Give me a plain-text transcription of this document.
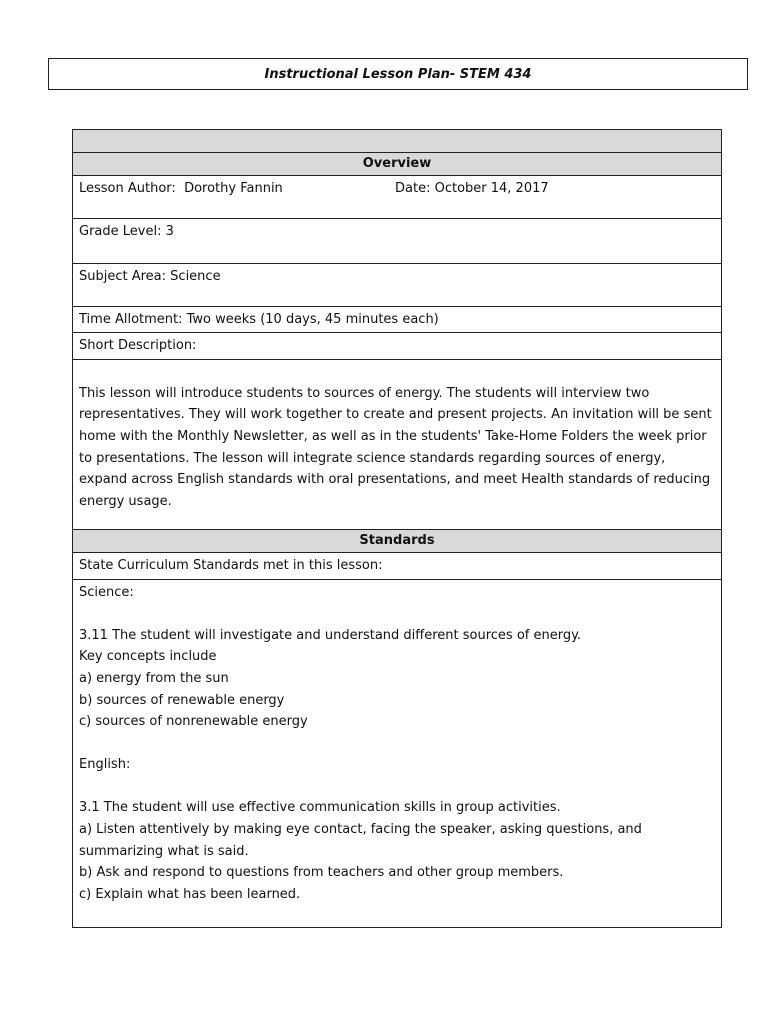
Instructional Lesson Plan- STEM 434

Overview

Lesson Author: Dorothy Fannin	Date: October 14, 2017

Grade Level: 3
Subject Area: Science
Time Allotment: Two weeks (10 days, 45 minutes each)
Short Description:

This lesson will introduce students to sources of energy. The students will interview two representatives. They will work together to create and present projects. An invitation will be sent home with the Monthly Newsletter, as well as in the students' Take-Home Folders the week prior to presentations. The lesson will integrate science standards regarding sources of energy, expand across English standards with oral presentations, and meet Health standards of reducing energy usage.

Standards
State Curriculum Standards met in this lesson:

Science:
3.11 The student will investigate and understand different sources of energy.
Key concepts include
a) energy from the sun
b) sources of renewable energy
c) sources of nonrenewable energy
English:
3.1 The student will use effective communication skills in group activities.
a) Listen attentively by making eye contact, facing the speaker, asking questions, and summarizing what is said.
b) Ask and respond to questions from teachers and other group members.
c) Explain what has been learned.
